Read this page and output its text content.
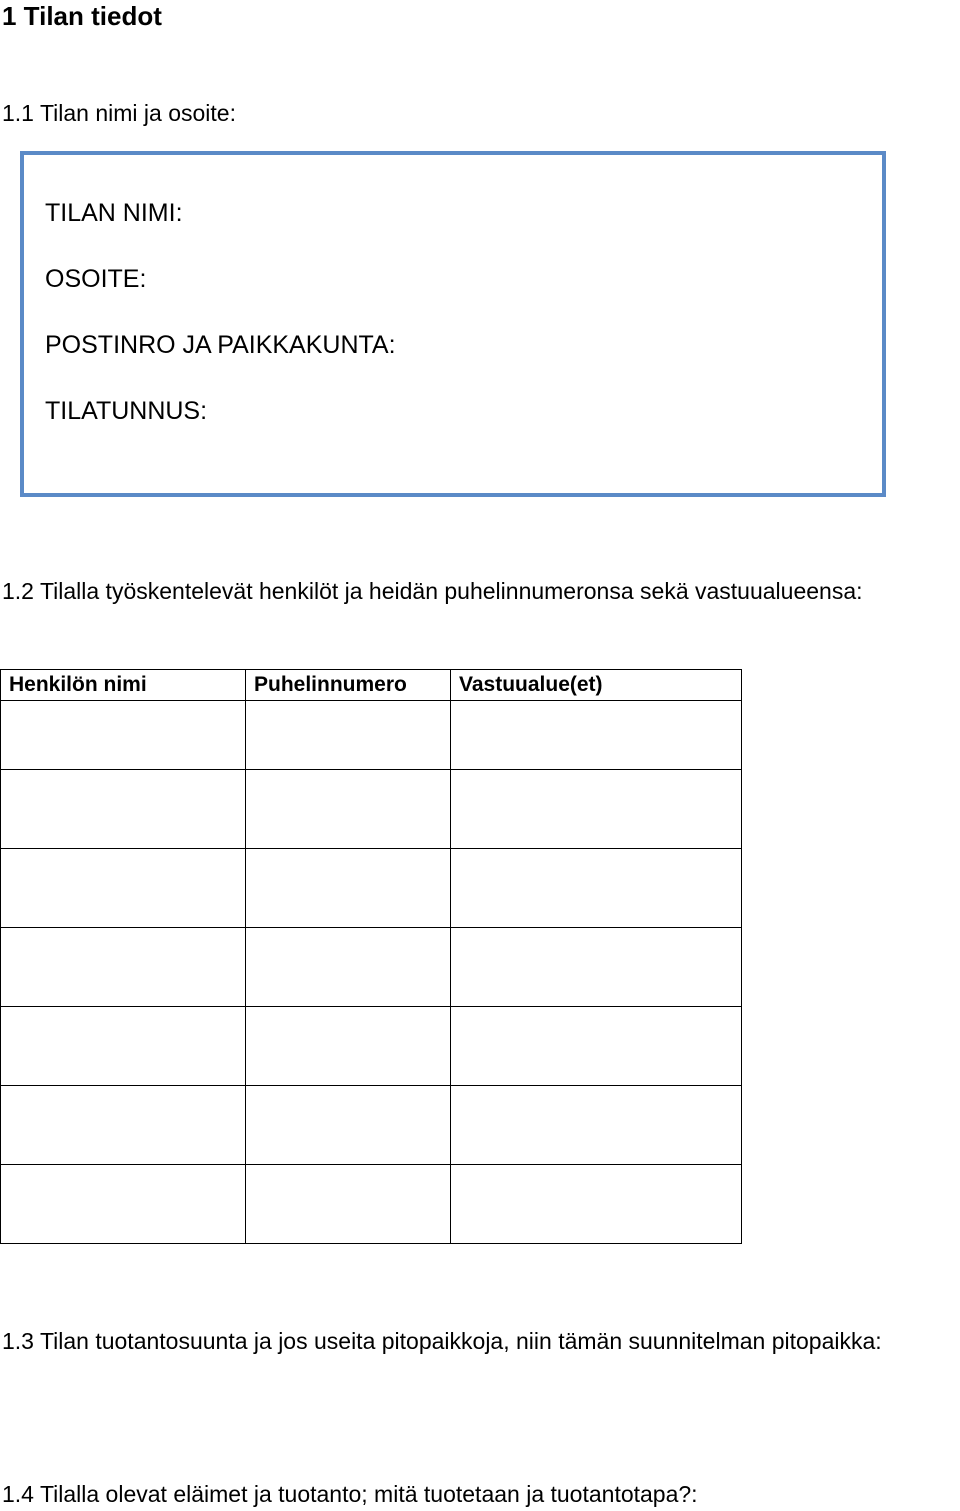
1 Tilan tiedot
1.1 Tilan nimi ja osoite:
TILAN NIMI:
OSOITE:
POSTINRO JA PAIKKAKUNTA:
TILATUNNUS:
1.2 Tilalla työskentelevät henkilöt ja heidän puhelinnumeronsa sekä vastuualueensa:
Henkilön nimi	Puhelinnumero	Vastuualue(et)

1.3 Tilan tuotantosuunta ja jos useita pitopaikkoja, niin tämän suunnitelman pitopaikka:
1.4 Tilalla olevat eläimet ja tuotanto; mitä tuotetaan ja tuotantotapa?:
